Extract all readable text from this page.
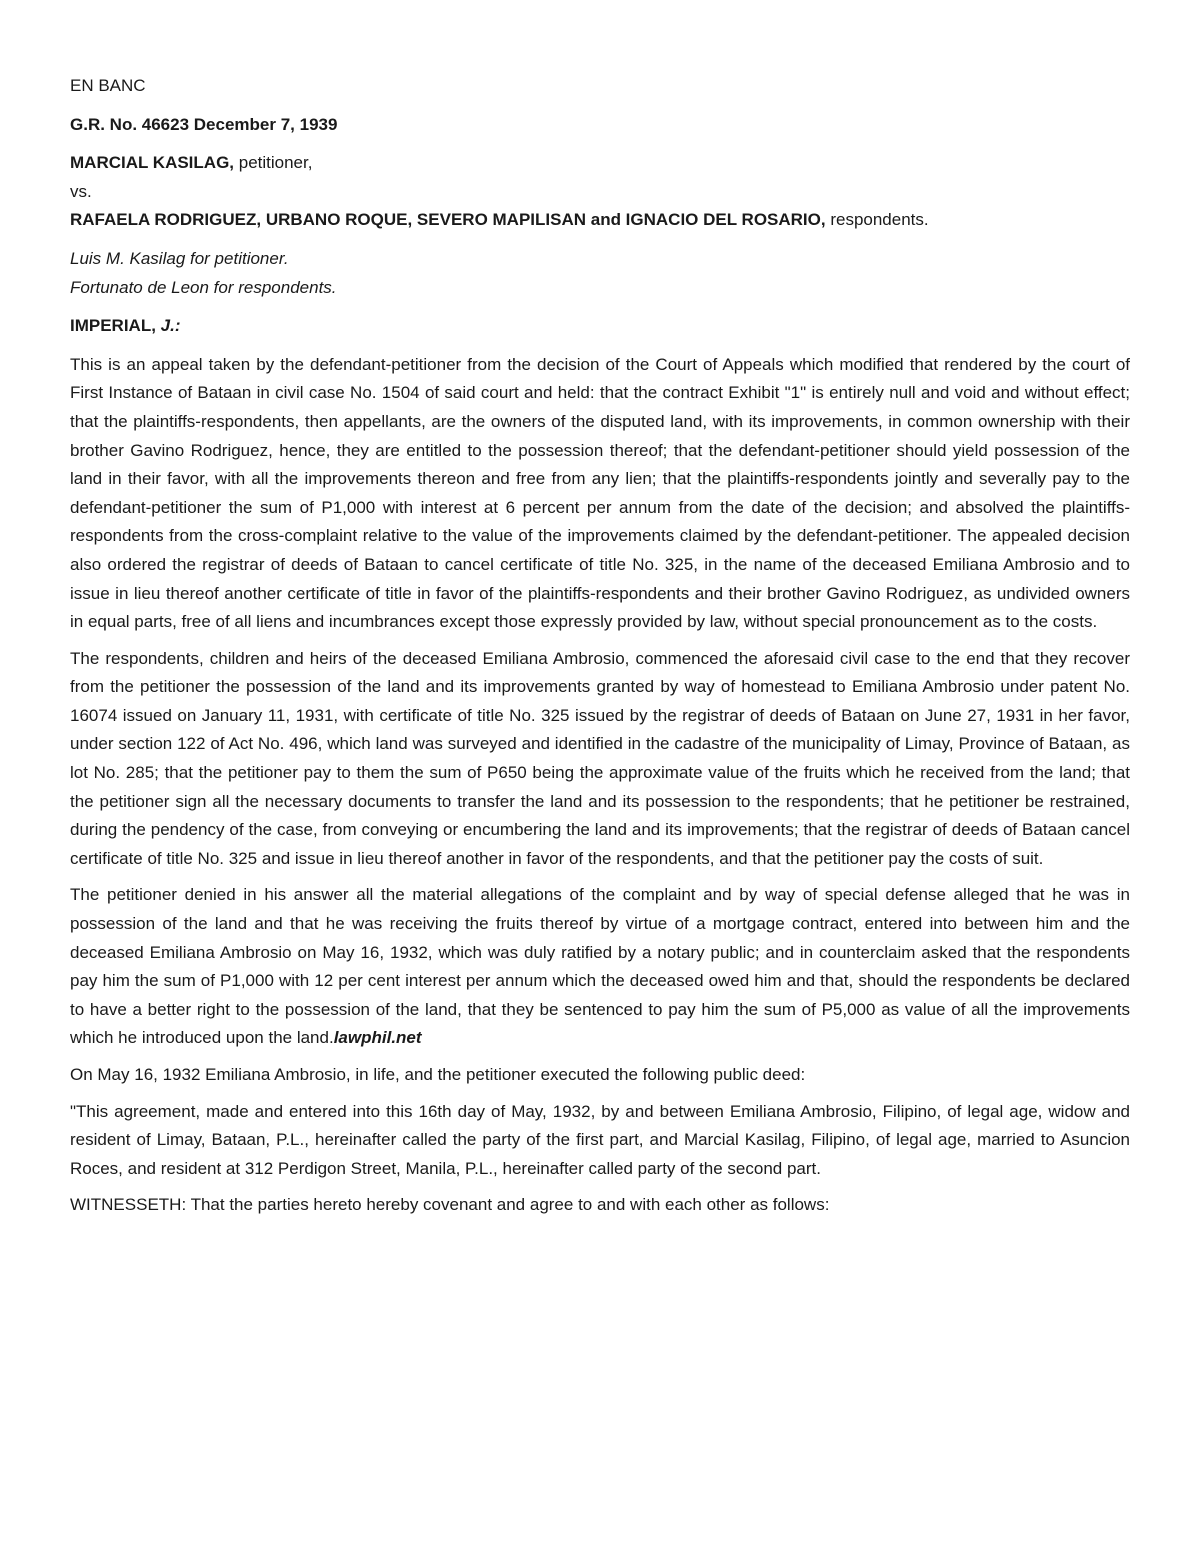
EN BANC

G.R. No. 46623 December 7, 1939

MARCIAL KASILAG, petitioner,

vs.

RAFAELA RODRIGUEZ, URBANO ROQUE, SEVERO MAPILISAN and IGNACIO DEL ROSARIO, respondents.

Luis M. Kasilag for petitioner.

Fortunato de Leon for respondents.

IMPERIAL, J.:

This is an appeal taken by the defendant-petitioner from the decision of the Court of Appeals which modified that rendered by the court of First Instance of Bataan in civil case No. 1504 of said court and held: that the contract Exhibit "1" is entirely null and void and without effect; that the plaintiffs-respondents, then appellants, are the owners of the disputed land, with its improvements, in common ownership with their brother Gavino Rodriguez, hence, they are entitled to the possession thereof; that the defendant-petitioner should yield possession of the land in their favor, with all the improvements thereon and free from any lien; that the plaintiffs-respondents jointly and severally pay to the defendant-petitioner the sum of P1,000 with interest at 6 percent per annum from the date of the decision; and absolved the plaintiffs-respondents from the cross-complaint relative to the value of the improvements claimed by the defendant-petitioner. The appealed decision also ordered the registrar of deeds of Bataan to cancel certificate of title No. 325, in the name of the deceased Emiliana Ambrosio and to issue in lieu thereof another certificate of title in favor of the plaintiffs-respondents and their brother Gavino Rodriguez, as undivided owners in equal parts, free of all liens and incumbrances except those expressly provided by law, without special pronouncement as to the costs.

The respondents, children and heirs of the deceased Emiliana Ambrosio, commenced the aforesaid civil case to the end that they recover from the petitioner the possession of the land and its improvements granted by way of homestead to Emiliana Ambrosio under patent No. 16074 issued on January 11, 1931, with certificate of title No. 325 issued by the registrar of deeds of Bataan on June 27, 1931 in her favor, under section 122 of Act No. 496, which land was surveyed and identified in the cadastre of the municipality of Limay, Province of Bataan, as lot No. 285; that the petitioner pay to them the sum of P650 being the approximate value of the fruits which he received from the land; that the petitioner sign all the necessary documents to transfer the land and its possession to the respondents; that he petitioner be restrained, during the pendency of the case, from conveying or encumbering the land and its improvements; that the registrar of deeds of Bataan cancel certificate of title No. 325 and issue in lieu thereof another in favor of the respondents, and that the petitioner pay the costs of suit.

The petitioner denied in his answer all the material allegations of the complaint and by way of special defense alleged that he was in possession of the land and that he was receiving the fruits thereof by virtue of a mortgage contract, entered into between him and the deceased Emiliana Ambrosio on May 16, 1932, which was duly ratified by a notary public; and in counterclaim asked that the respondents pay him the sum of P1,000 with 12 per cent interest per annum which the deceased owed him and that, should the respondents be declared to have a better right to the possession of the land, that they be sentenced to pay him the sum of P5,000 as value of all the improvements which he introduced upon the land.lawphil.net

On May 16, 1932 Emiliana Ambrosio, in life, and the petitioner executed the following public deed:

"This agreement, made and entered into this 16th day of May, 1932, by and between Emiliana Ambrosio, Filipino, of legal age, widow and resident of Limay, Bataan, P.L., hereinafter called the party of the first part, and Marcial Kasilag, Filipino, of legal age, married to Asuncion Roces, and resident at 312 Perdigon Street, Manila, P.L., hereinafter called party of the second part.

WITNESSETH: That the parties hereto hereby covenant and agree to and with each other as follows:
